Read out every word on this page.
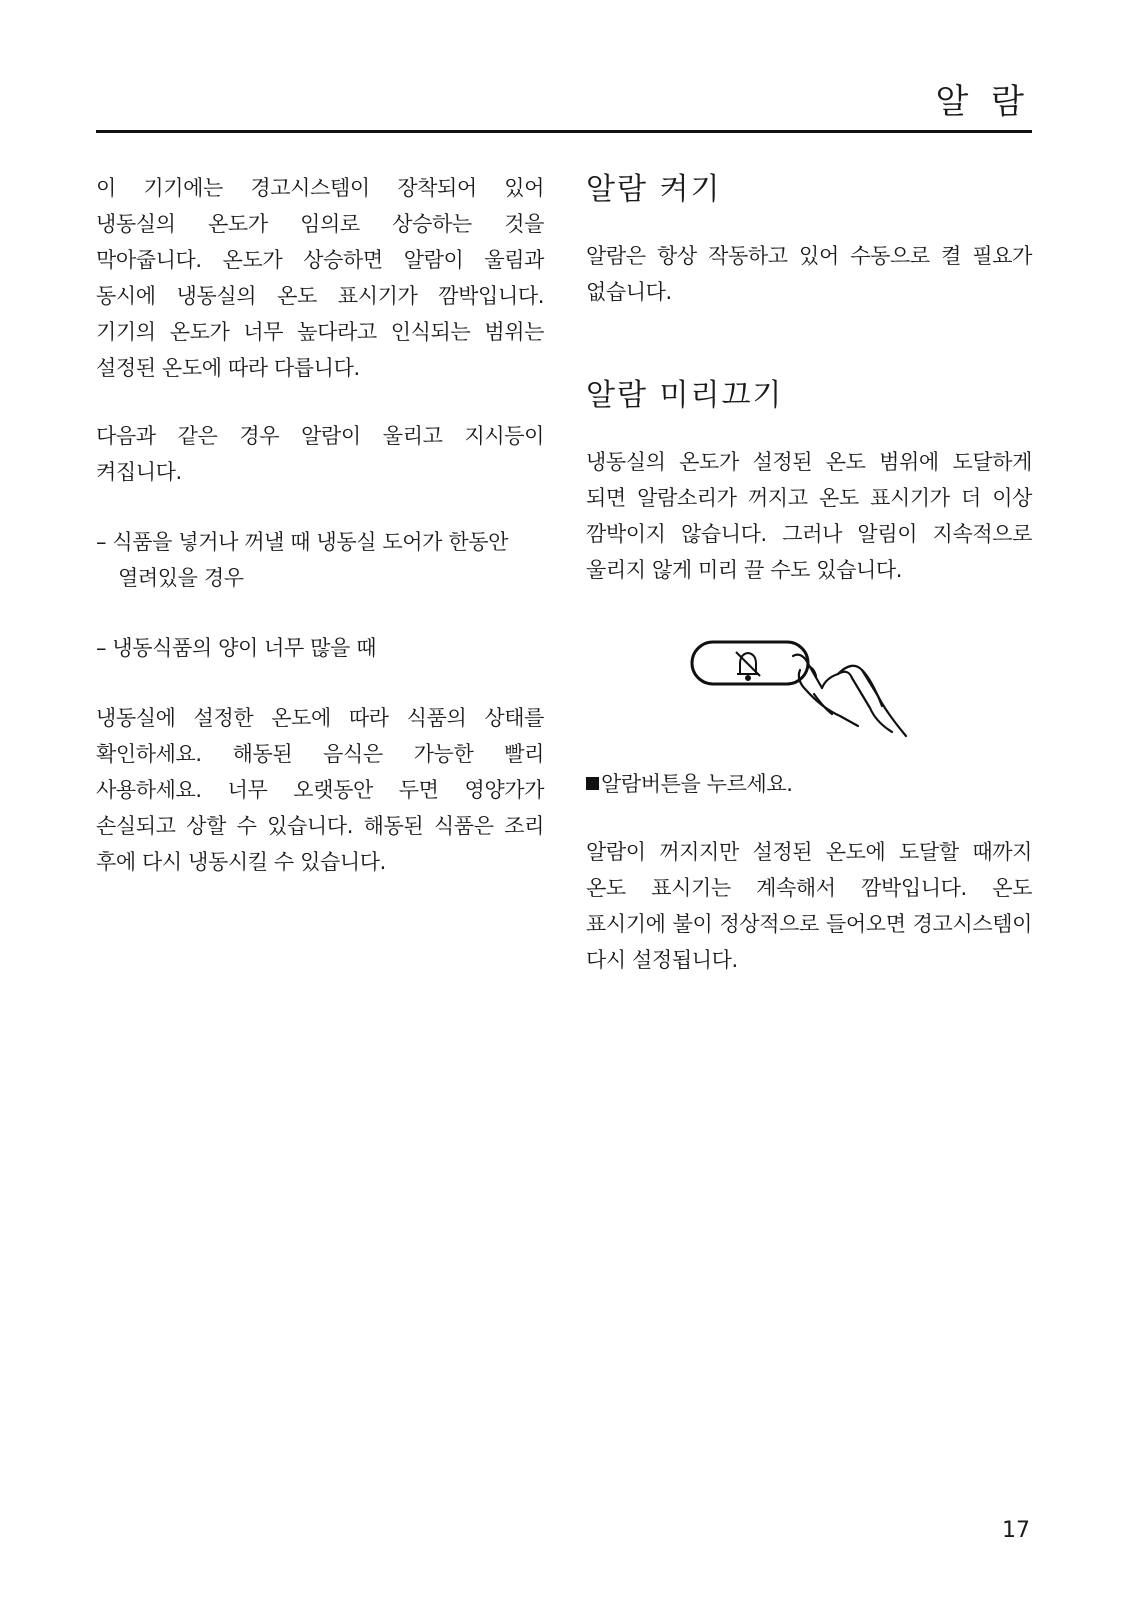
알 람

이 기기에는 경고시스템이 장착되어 있어 냉동실의 온도가 임의로 상승하는 것을 막아줍니다. 온도가 상승하면 알람이 울림과 동시에 냉동실의 온도 표시기가 깜박입니다. 기기의 온도가 너무 높다라고 인식되는 범위는 설정된 온도에 따라 다릅니다.

다음과 같은 경우 알람이 울리고 지시등이 켜집니다.

– 식품을 넣거나 꺼낼 때 냉동실 도어가 한동안 열려있을 경우

– 냉동식품의 양이 너무 많을 때

냉동실에 설정한 온도에 따라 식품의 상태를 확인하세요. 해동된 음식은 가능한 빨리 사용하세요. 너무 오랫동안 두면 영양가가 손실되고 상할 수 있습니다. 해동된 식품은 조리 후에 다시 냉동시킬 수 있습니다.

알람 켜기

알람은 항상 작동하고 있어 수동으로 켤 필요가 없습니다.

알람 미리끄기

냉동실의 온도가 설정된 온도 범위에 도달하게 되면 알람소리가 꺼지고 온도 표시기가 더 이상 깜박이지 않습니다. 그러나 알림이 지속적으로 울리지 않게 미리 끌 수도 있습니다.

알람버튼을 누르세요.

알람이 꺼지지만 설정된 온도에 도달할 때까지 온도 표시기는 계속해서 깜박입니다. 온도 표시기에 불이 정상적으로 들어오면 경고시스템이 다시 설정됩니다.

17
